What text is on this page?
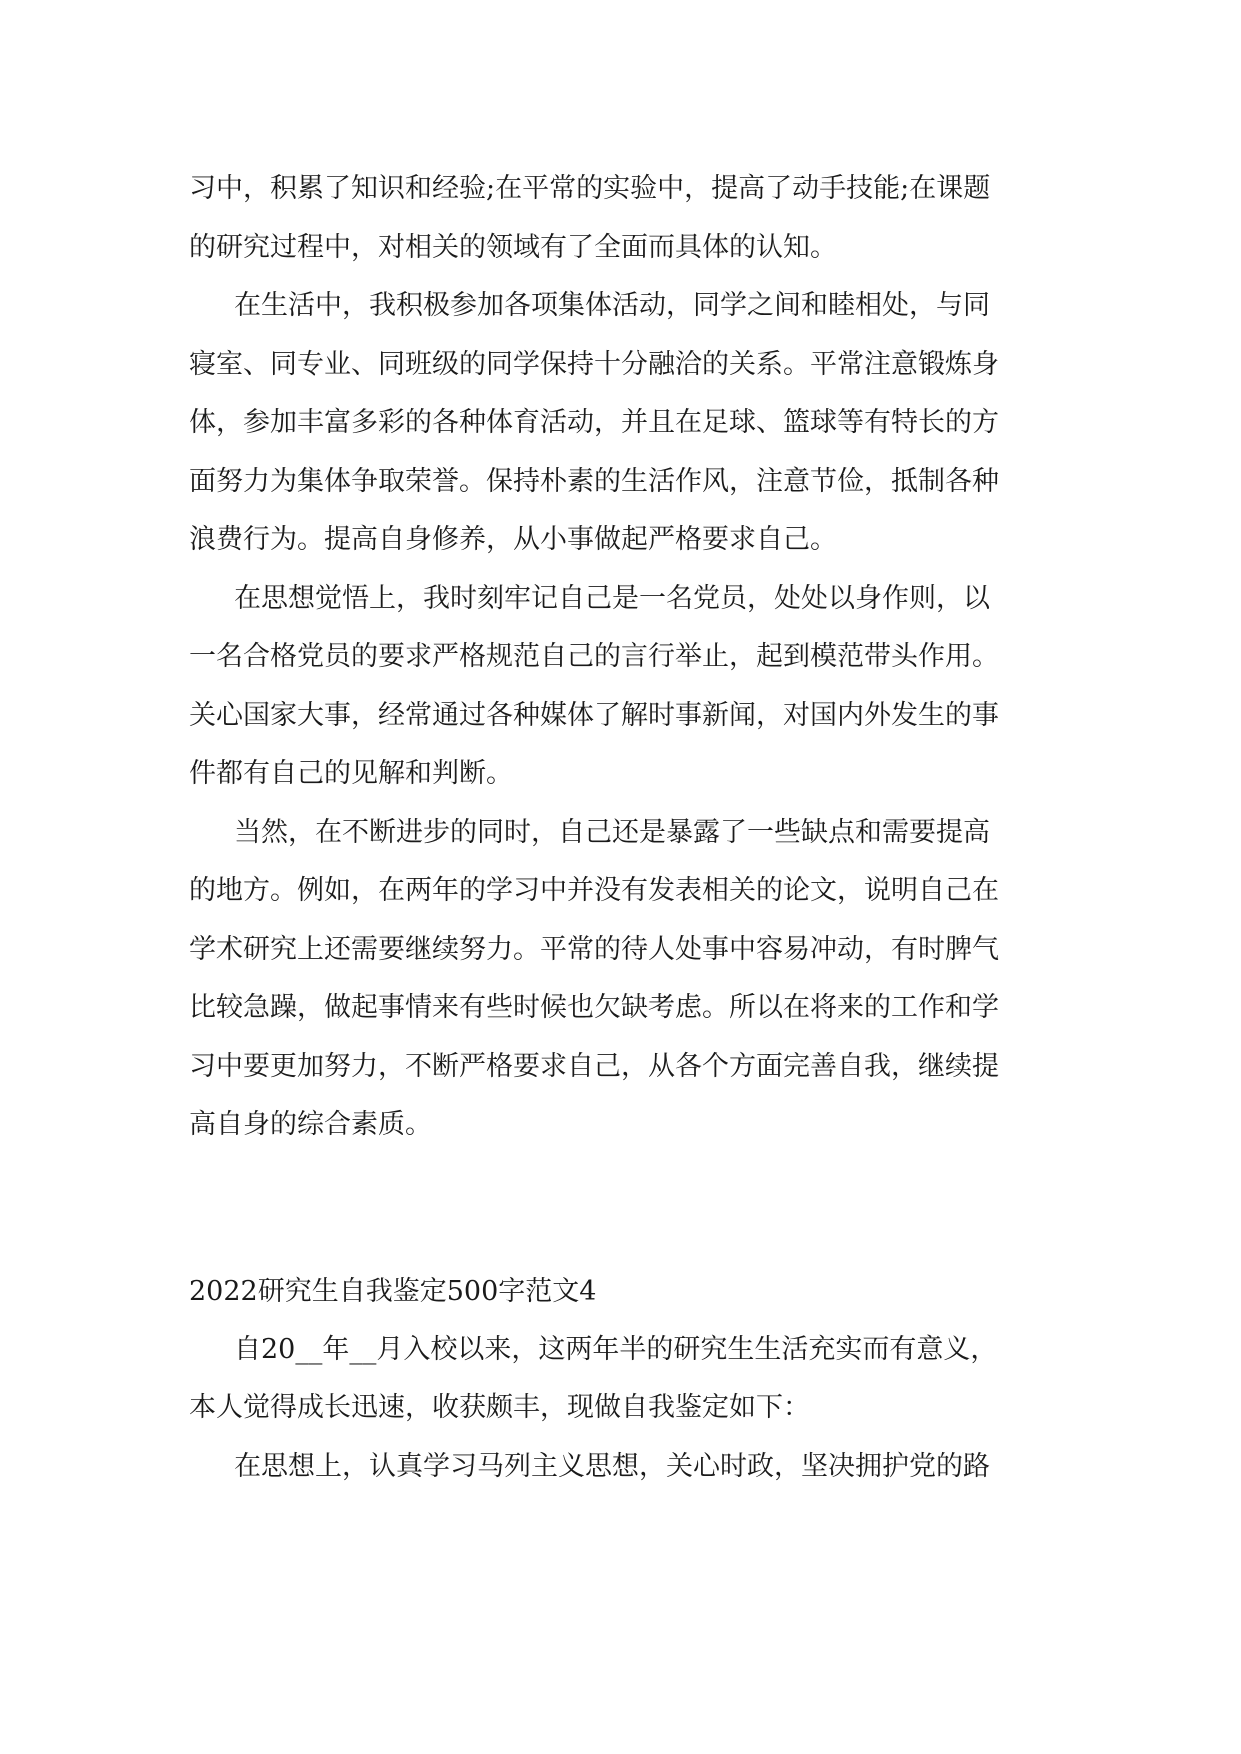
习中，积累了知识和经验;在平常的实验中，提高了动手技能;在课题
的研究过程中，对相关的领域有了全面而具体的认知。
在生活中，我积极参加各项集体活动，同学之间和睦相处，与同
寝室、同专业、同班级的同学保持十分融洽的关系。平常注意锻炼身
体，参加丰富多彩的各种体育活动，并且在足球、篮球等有特长的方
面努力为集体争取荣誉。保持朴素的生活作风，注意节俭，抵制各种
浪费行为。提高自身修养，从小事做起严格要求自己。
在思想觉悟上，我时刻牢记自己是一名党员，处处以身作则，以
一名合格党员的要求严格规范自己的言行举止，起到模范带头作用。
关心国家大事，经常通过各种媒体了解时事新闻，对国内外发生的事
件都有自己的见解和判断。
当然，在不断进步的同时，自己还是暴露了一些缺点和需要提高
的地方。例如，在两年的学习中并没有发表相关的论文，说明自己在
学术研究上还需要继续努力。平常的待人处事中容易冲动，有时脾气
比较急躁，做起事情来有些时候也欠缺考虑。所以在将来的工作和学
习中要更加努力，不断严格要求自己，从各个方面完善自我，继续提
高自身的综合素质。
2022研究生自我鉴定500字范文4
自20__年__月入校以来，这两年半的研究生生活充实而有意义，
本人觉得成长迅速，收获颇丰，现做自我鉴定如下：
在思想上，认真学习马列主义思想，关心时政，坚决拥护党的路
